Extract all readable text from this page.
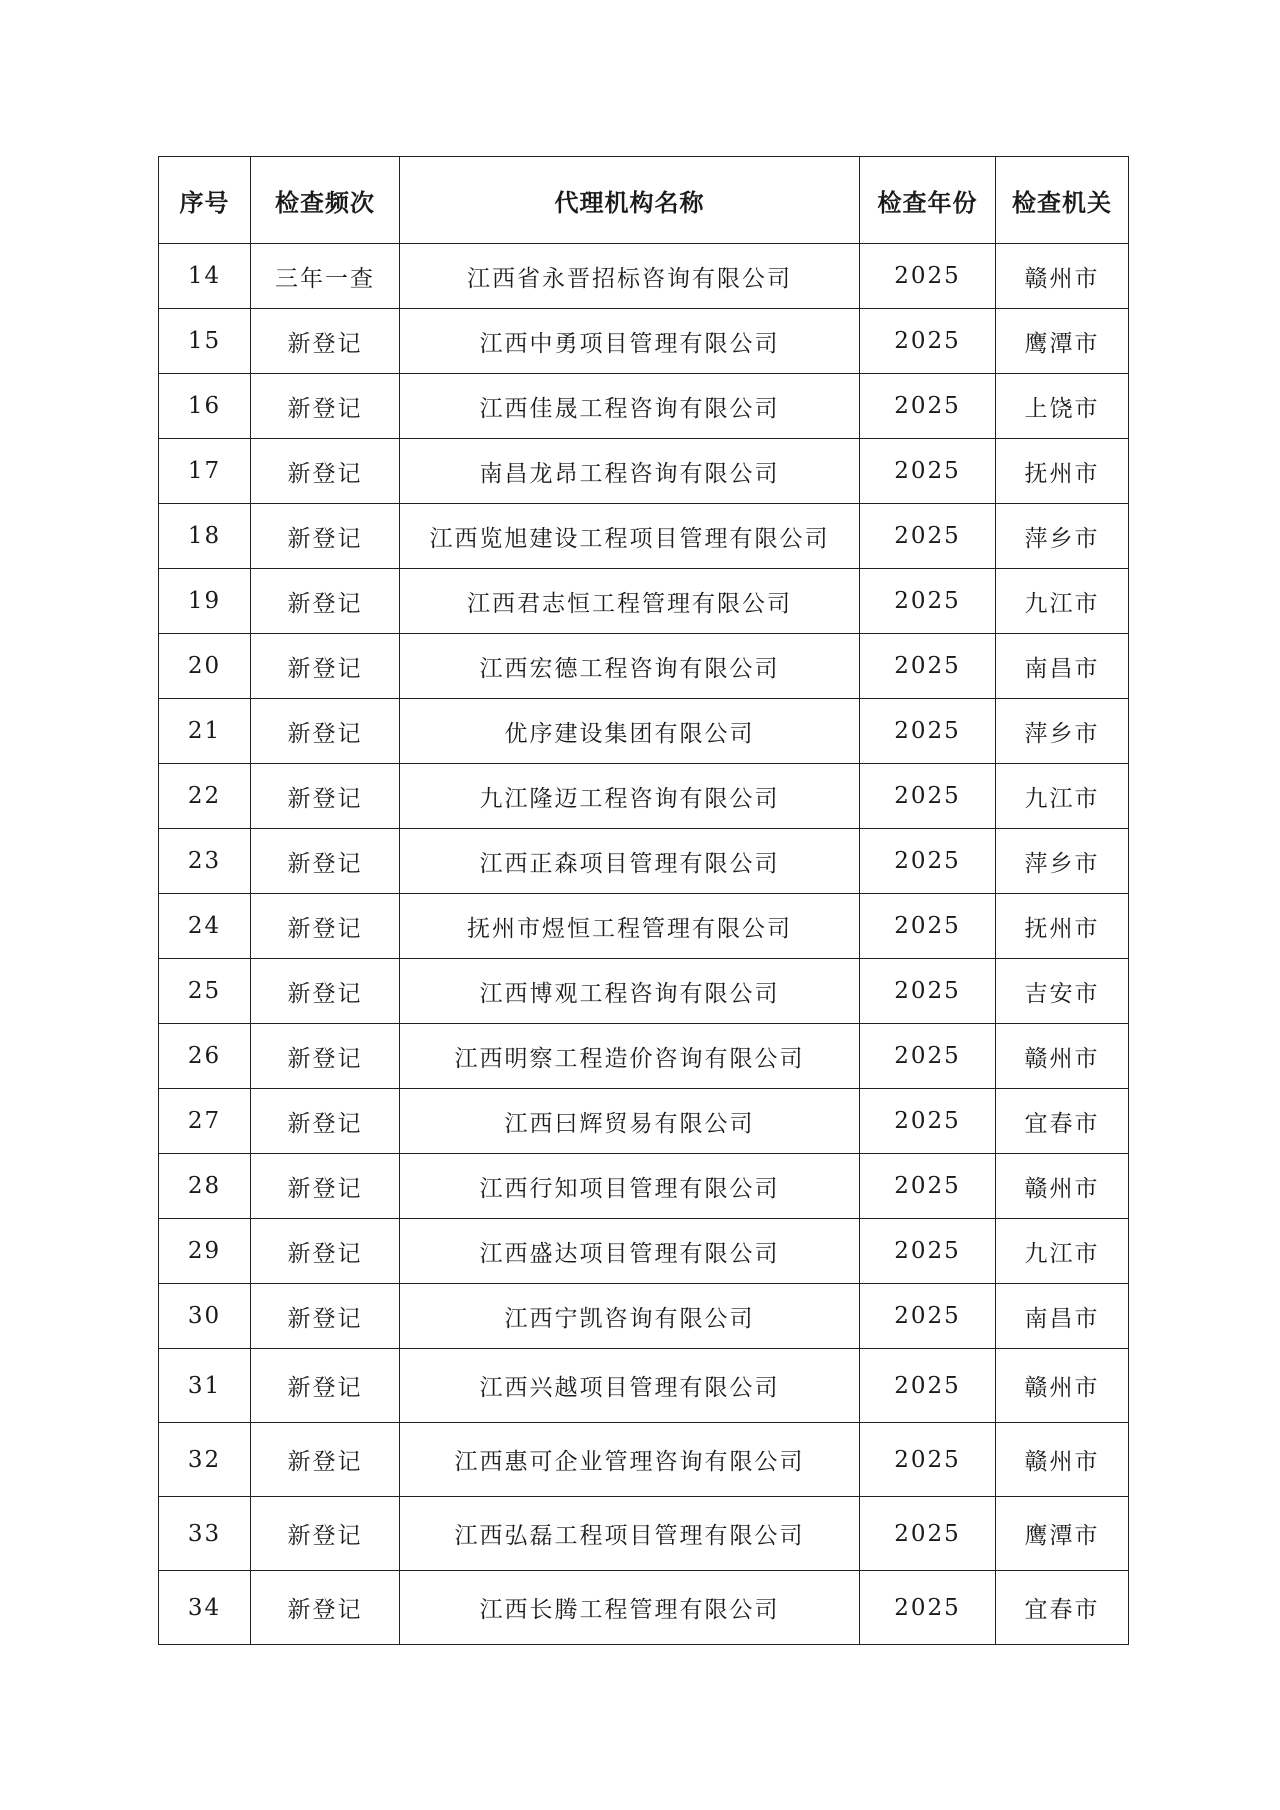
序号	检查频次	代理机构名称	检查年份	检查机关
14	三年一查	江西省永晋招标咨询有限公司	2025	赣州市
15	新登记	江西中勇项目管理有限公司	2025	鹰潭市
16	新登记	江西佳晟工程咨询有限公司	2025	上饶市
17	新登记	南昌龙昂工程咨询有限公司	2025	抚州市
18	新登记	江西览旭建设工程项目管理有限公司	2025	萍乡市
19	新登记	江西君志恒工程管理有限公司	2025	九江市
20	新登记	江西宏德工程咨询有限公司	2025	南昌市
21	新登记	优序建设集团有限公司	2025	萍乡市
22	新登记	九江隆迈工程咨询有限公司	2025	九江市
23	新登记	江西正森项目管理有限公司	2025	萍乡市
24	新登记	抚州市煜恒工程管理有限公司	2025	抚州市
25	新登记	江西博观工程咨询有限公司	2025	吉安市
26	新登记	江西明察工程造价咨询有限公司	2025	赣州市
27	新登记	江西曰辉贸易有限公司	2025	宜春市
28	新登记	江西行知项目管理有限公司	2025	赣州市
29	新登记	江西盛达项目管理有限公司	2025	九江市
30	新登记	江西宁凯咨询有限公司	2025	南昌市
31	新登记	江西兴越项目管理有限公司	2025	赣州市
32	新登记	江西惠可企业管理咨询有限公司	2025	赣州市
33	新登记	江西弘磊工程项目管理有限公司	2025	鹰潭市
34	新登记	江西长腾工程管理有限公司	2025	宜春市
